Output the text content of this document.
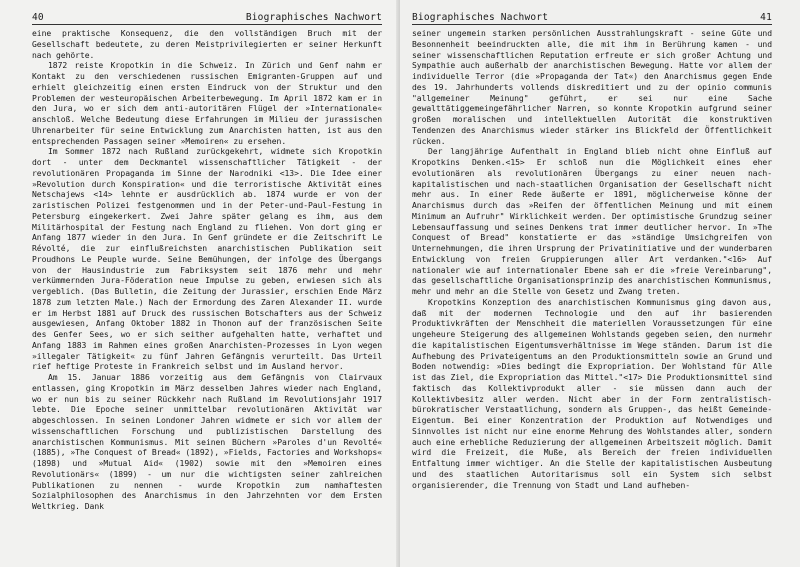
40	Biographisches Nachwort

eine praktische Konsequenz, die den vollständigen Bruch mit der Gesellschaft bedeutete, zu deren Meistprivilegierten er seiner Herkunft nach gehörte.

1872 reiste Kropotkin in die Schweiz. In Zürich und Genf nahm er Kontakt zu den verschiedenen russischen Emigranten-Gruppen auf und erhielt gleichzeitig einen ersten Eindruck von der Struktur und den Problemen der westeuropäischen Arbeiterbewegung. Im April 1872 kam er in den Jura, wo er sich dem anti-autoritären Flügel der »Internationale« anschloß. Welche Bedeutung diese Erfahrungen im Milieu der jurassischen Uhrenarbeiter für seine Entwicklung zum Anarchisten hatten, ist aus den entsprechenden Passagen seiner »Memoiren« zu ersehen.

Im Sommer 1872 nach Rußland zurückgekehrt, widmete sich Kropotkin dort - unter dem Deckmantel wissenschaftlicher Tätigkeit - der revolutionären Propaganda im Sinne der Narodniki <13>. Die Idee einer »Revolution durch Konspiration« und die terroristische Aktivität eines Netschajews <14> lehnte er ausdrücklich ab. 1874 wurde er von der zaristischen Polizei festgenommen und in der Peter-und-Paul-Festung in Petersburg eingekerkert. Zwei Jahre später gelang es ihm, aus dem Militärhospital der Festung nach England zu fliehen. Von dort ging er Anfang 1877 wieder in den Jura. In Genf gründete er die Zeitschrift Le Révolté, die zur einflußreichsten anarchistischen Publikation seit Proudhons Le Peuple wurde. Seine Bemühungen, der infolge des Übergangs von der Hausindustrie zum Fabriksystem seit 1876 mehr und mehr verkümmernden Jura-Föderation neue Impulse zu geben, erwiesen sich als vergeblich. (Das Bulletin, die Zeitung der Jurassier, erschien Ende März 1878 zum letzten Male.) Nach der Ermordung des Zaren Alexander II. wurde er im Herbst 1881 auf Druck des russischen Botschafters aus der Schweiz ausgewiesen, Anfang Oktober 1882 in Thonon auf der französischen Seite des Genfer Sees, wo er sich seither aufgehalten hatte, verhaftet und Anfang 1883 im Rahmen eines großen Anarchisten-Prozesses in Lyon wegen »illegaler Tätigkeit« zu fünf Jahren Gefängnis verurteilt. Das Urteil rief heftige Proteste in Frankreich selbst und im Ausland hervor.

Am 15. Januar 1886 vorzeitig aus dem Gefängnis von Clairvaux entlassen, ging Kropotkin im März desselben Jahres wieder nach England, wo er nun bis zu seiner Rückkehr nach Rußland im Revolutionsjahr 1917 lebte. Die Epoche seiner unmittelbar revolutionären Aktivität war abgeschlossen. In seinen Londoner Jahren widmete er sich vor allem der wissenschaftlichen Forschung und publizistischen Darstellung des anarchistischen Kommunismus. Mit seinen Büchern »Paroles d'un Revolté« (1885), »The Conquest of Bread« (1892), »Fields, Factories and Workshops« (1898) und »Mutual Aid« (1902) sowie mit den »Memoiren eines Revolutionärs« (1899) - um nur die wichtigsten seiner zahlreichen Publikationen zu nennen - wurde Kropotkin zum namhaftesten Sozialphilosophen des Anarchismus in den Jahrzehnten vor dem Ersten Weltkrieg. Dank

Biographisches Nachwort	41

seiner ungemein starken persönlichen Ausstrahlungskraft - seine Güte und Besonnenheit beeindruckten alle, die mit ihm in Berührung kamen - und seiner wissenschaftlichen Reputation erfreute er sich großer Achtung und Sympathie auch außerhalb der anarchistischen Bewegung. Hatte vor allem der individuelle Terror (die »Propaganda der Tat«) den Anarchismus gegen Ende des 19. Jahrhunderts vollends diskreditiert und zu der opinio communis "allgemeiner Meinung" geführt, er sei nur eine Sache gewalttätiggemeingefährlicher Narren, so konnte Kropotkin aufgrund seiner großen moralischen und intellektuellen Autorität die konstruktiven Tendenzen des Anarchismus wieder stärker ins Blickfeld der Öffentlichkeit rücken.

Der langjährige Aufenthalt in England blieb nicht ohne Einfluß auf Kropotkins Denken.<15> Er schloß nun die Möglichkeit eines eher evolutionären als revolutionären Übergangs zu einer neuen nach-kapitalistischen und nach-staatlichen Organisation der Gesellschaft nicht mehr aus. In einer Rede äußerte er 1891, möglicherweise könne der Anarchismus durch das »Reifen der öffentlichen Meinung und mit einem Minimum an Aufruhr" Wirklichkeit werden. Der optimistische Grundzug seiner Lebensauffassung und seines Denkens trat immer deutlicher hervor. In »The Conquest of Bread" konstatierte er das »ständige Umsichgreifen von Unternehmungen, die ihren Ursprung der Privatinitiative und der wunderbaren Entwicklung von freien Gruppierungen aller Art verdanken."<16> Auf nationaler wie auf internationaler Ebene sah er die »freie Vereinbarung", das gesellschaftliche Organisationsprinzip des anarchistischen Kommunismus, mehr und mehr an die Stelle von Gesetz und Zwang treten.

Kropotkins Konzeption des anarchistischen Kommunismus ging davon aus, daß mit der modernen Technologie und den auf ihr basierenden Produktivkräften der Menschheit die materiellen Voraussetzungen für eine ungeheure Steigerung des allgemeinen Wohlstands gegeben seien, den nurmehr die kapitalistischen Eigentumsverhältnisse im Wege ständen. Darum ist die Aufhebung des Privateigentums an den Produktionsmitteln sowie an Grund und Boden notwendig: »Dies bedingt die Expropriation. Der Wohlstand für Alle ist das Ziel, die Expropriation das Mittel."<17> Die Produktionsmittel sind faktisch das Kollektivprodukt aller - sie müssen dann auch der Kollektivbesitz aller werden. Nicht aber in der Form zentralistisch-bürokratischer Verstaatlichung, sondern als Gruppen-, das heißt Gemeinde-Eigentum. Bei einer Konzentration der Produktion auf Notwendiges und Sinnvolles ist nicht nur eine enorme Mehrung des Wohlstandes aller, sondern auch eine erhebliche Reduzierung der allgemeinen Arbeitszeit möglich. Damit wird die Freizeit, die Muße, als Bereich der freien individuellen Entfaltung immer wichtiger. An die Stelle der kapitalistischen Ausbeutung und des staatlichen Autoritarismus soll ein System sich selbst organisierender, die Trennung von Stadt und Land aufheben-
